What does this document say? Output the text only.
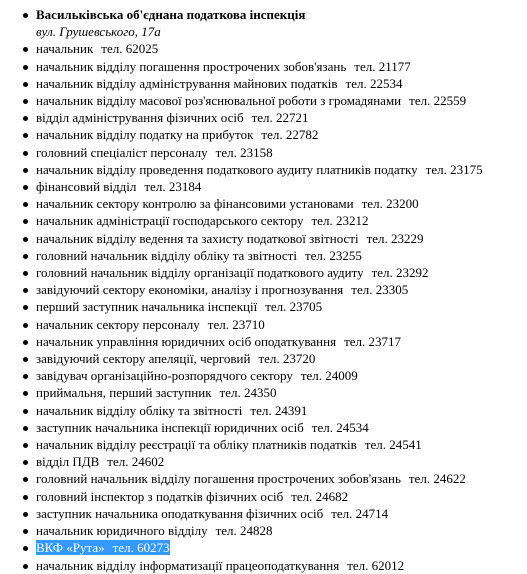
Васильківська об'єднана податкова інспекція
вул. Грушевського, 17а
начальник тел. 62025
начальник відділу погашення прострочених зобов'язань тел. 21177
начальник відділу адміністрування майнових податків тел. 22534
начальник відділу масової роз'яснювальної роботи з громадянами тел. 22559
відділ адміністрування фізичних осіб тел. 22721
начальник відділу податку на прибуток тел. 22782
головний спеціаліст персоналу тел. 23158
начальник відділу проведення податкового аудиту платників податку тел. 23175
фінансовий відділ тел. 23184
начальник сектору контролю за фінансовими установами тел. 23200
начальник адміністрації господарського сектору тел. 23212
начальник відділу ведення та захисту податкової звітності тел. 23229
головний начальник відділу обліку та звітності тел. 23255
головний начальник відділу організації податкового аудиту тел. 23292
завідуючий сектору економіки, аналізу і прогнозування тел. 23305
перший заступник начальника інспекції тел. 23705
начальник сектору персоналу тел. 23710
начальник управління юридичних осіб оподаткування тел. 23717
завідуючий сектору апеляції, черговий тел. 23720
завідувач організаційно-розпорядчого сектору тел. 24009
приймальня, перший заступник тел. 24350
начальник відділу обліку та звітності тел. 24391
заступник начальника інспекції юридичних осіб тел. 24534
начальник відділу реєстрації та обліку платників податків тел. 24541
відділ ПДВ тел. 24602
головний начальник відділу погашення прострочених зобов'язань тел. 24622
головний інспектор з податків фізичних осіб тел. 24682
заступник начальника оподаткування фізичних осіб тел. 24714
начальник юридичного відділу тел. 24828
ВКФ «Рута» тел. 60273
начальник відділу інформатизації працеоподаткування тел. 62012
